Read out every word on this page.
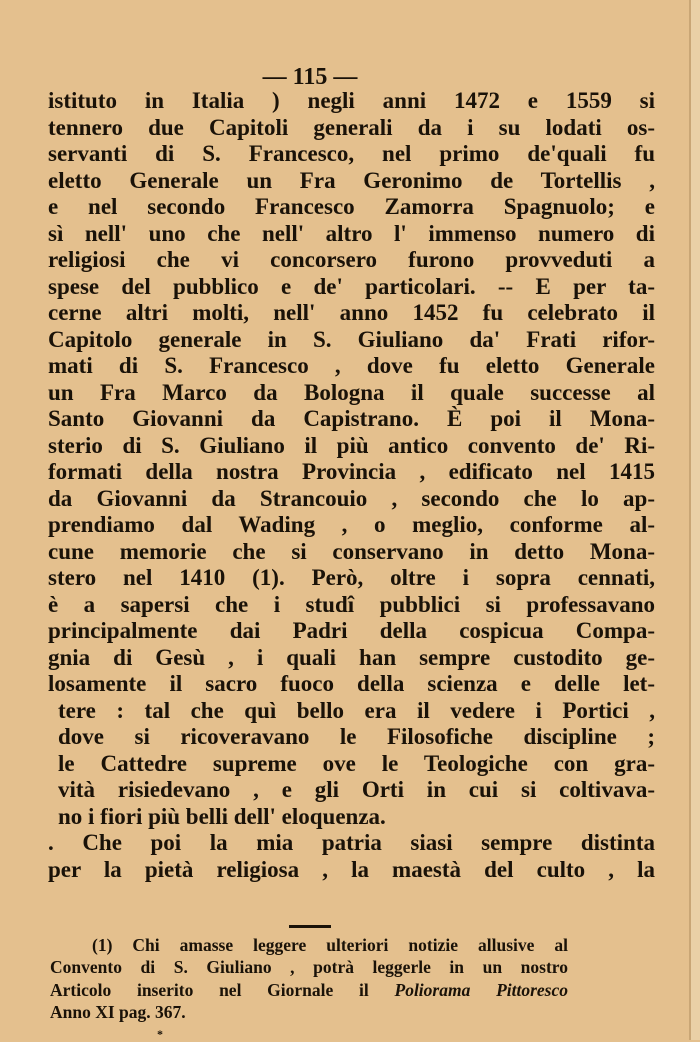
— 115 —
istituto in Italia ) negli anni 1472 e 1559 si
tennero due Capitoli generali da i su lodati os-
servanti di S. Francesco, nel primo de'quali fu
eletto Generale un Fra Geronimo de Tortellis ,
e nel secondo Francesco Zamorra Spagnuolo; e
sì nell' uno che nell' altro l' immenso numero di
religiosi che vi concorsero furono provveduti a
spese del pubblico e de' particolari. -- E per ta-
cerne altri molti, nell' anno 1452 fu celebrato il
Capitolo generale in S. Giuliano da' Frati rifor-
mati di S. Francesco , dove fu eletto Generale
un Fra Marco da Bologna il quale successe al
Santo Giovanni da Capistrano. È poi il Mona-
sterio di S. Giuliano il più antico convento de' Ri-
formati della nostra Provincia , edificato nel 1415
da Giovanni da Strancouio , secondo che lo ap-
prendiamo dal Wading , o meglio, conforme al-
cune memorie che si conservano in detto Mona-
stero nel 1410 (1). Però, oltre i sopra cennati,
è a sapersi che i studî pubblici si professavano
principalmente dai Padri della cospicua Compa-
gnia di Gesù , i quali han sempre custodito ge-
losamente il sacro fuoco della scienza e delle let-
tere : tal che quì bello era il vedere i Portici ,
dove si ricoveravano le Filosofiche discipline ;
le Cattedre supreme ove le Teologiche con gra-
vità risiedevano , e gli Orti in cui si coltivava-
no i fiori più belli dell' eloquenza.
. Che poi la mia patria siasi sempre distinta
per la pietà religiosa , la maestà del culto , la
(1) Chi amasse leggere ulteriori notizie allusive al
Convento di S. Giuliano , potrà leggerle in un nostro
Articolo inserito nel Giornale il Poliorama Pittoresco
Anno XI pag. 367.
*
